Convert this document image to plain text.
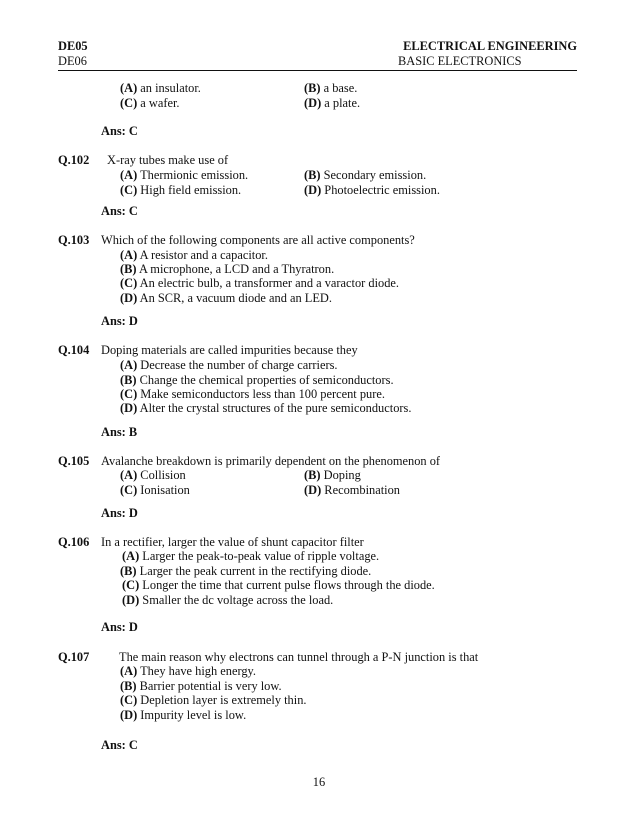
DE05
DE06
ELECTRICAL ENGINEERING
BASIC ELECTRONICS
(A) an insulator.	(B) a base.
(C) a wafer.	(D) a plate.
Ans: C
Q.102 X-ray tubes make use of
(A) Thermionic emission.	(B) Secondary emission.
(C) High field emission.	(D) Photoelectric emission.
Ans: C
Q.103 Which of the following components are all active components?
(A) A resistor and a capacitor.
(B) A microphone, a LCD and a Thyratron.
(C) An electric bulb, a transformer and a varactor diode.
(D) An SCR, a vacuum diode and an LED.
Ans: D
Q.104 Doping materials are called impurities because they
(A) Decrease the number of charge carriers.
(B) Change the chemical properties of semiconductors.
(C) Make semiconductors less than 100 percent pure.
(D) Alter the crystal structures of the pure semiconductors.
Ans: B
Q.105 Avalanche breakdown is primarily dependent on the phenomenon of
(A) Collision	(B) Doping
(C) Ionisation	(D) Recombination
Ans: D
Q.106 In a rectifier, larger the value of shunt capacitor filter
(A) Larger the peak-to-peak value of ripple voltage.
(B) Larger the peak current in the rectifying diode.
(C) Longer the time that current pulse flows through the diode.
(D) Smaller the dc voltage across the load.
Ans: D
Q.107 The main reason why electrons can tunnel through a P-N junction is that
(A) They have high energy.
(B) Barrier potential is very low.
(C) Depletion layer is extremely thin.
(D) Impurity level is low.
Ans: C
16
